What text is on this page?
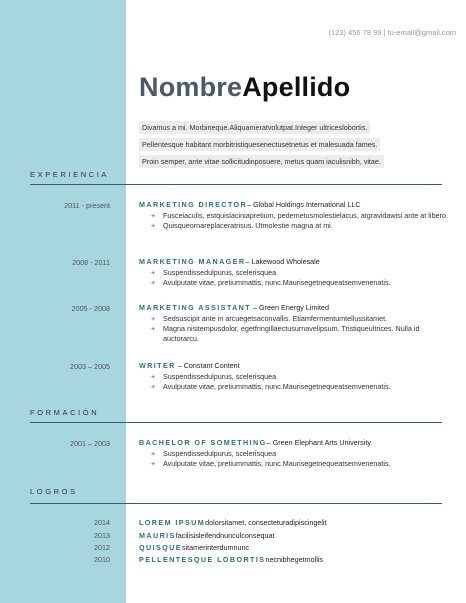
(123) 456 78 99 | tu-email@gmail.com
NombreApellido
Divamus a mi. Morbineque.Aliquameratvolutpat.Integer ultriceslobortis.
Pellentesque habitant morbitristiquesenectusetnetus et malesuada fames.
Proin semper, ante vitae sollicitudinposuere, metus quam iaculisnibh, vitae.
EXPERIENCIA
2011 - present	MARKETING DIRECTOR– Global Holdings International LLC
+ Fusceiaculis, estquislaciniapretium, pedemetusmolestielacus, atgravidawisi ante at libero.
+ Quisqueornareplaceratrisus. Utmolestie magna at mi.
2008 - 2011	MARKETING MANAGER– Lakewood Wholesale
+ Suspendissedulpurus, scelerisquea
+ Avulputate vitae, pretiummattis, nunc.Maurisegetnequeatsemvenenatis.
2005 - 2008	MARKETING ASSISTANT – Green Energy Limited
+ Sedsuscipit ante in arcuegetsaconvallis. Etiamfermentumtellussitamet.
+ Magna nisitempusdolor, egetfringillaectusurnavelipsum. Tristiqueultrices. Nulla id auctorarcu.
2003 – 2005	WRITER – Constant Content
+ Suspendissedulpurus, scelerisquea
+ Avulputate vitae, pretiummattis, nunc.Maurisegetnequeatsemvenenatis.
FORMACIÓN
2001 – 2003	BACHELOR OF SOMETHING– Green Elephant Arts University
+ Suspendissedulpurus, scelerisquea
+ Avulputate vitae, pretiummattis, nunc.Maurisegetnequeatsemvenenatis.
LOGROS
2014	LOREM IPSUMdolorsitamet, consecteturadipiscingelit
2013	MAURISfacilisisleifendnunculconsequat
2012	QUISQUEsitamerinterdumnunc
2010	PELLENTESQUE LOBORTISnecnibhegetmollis
